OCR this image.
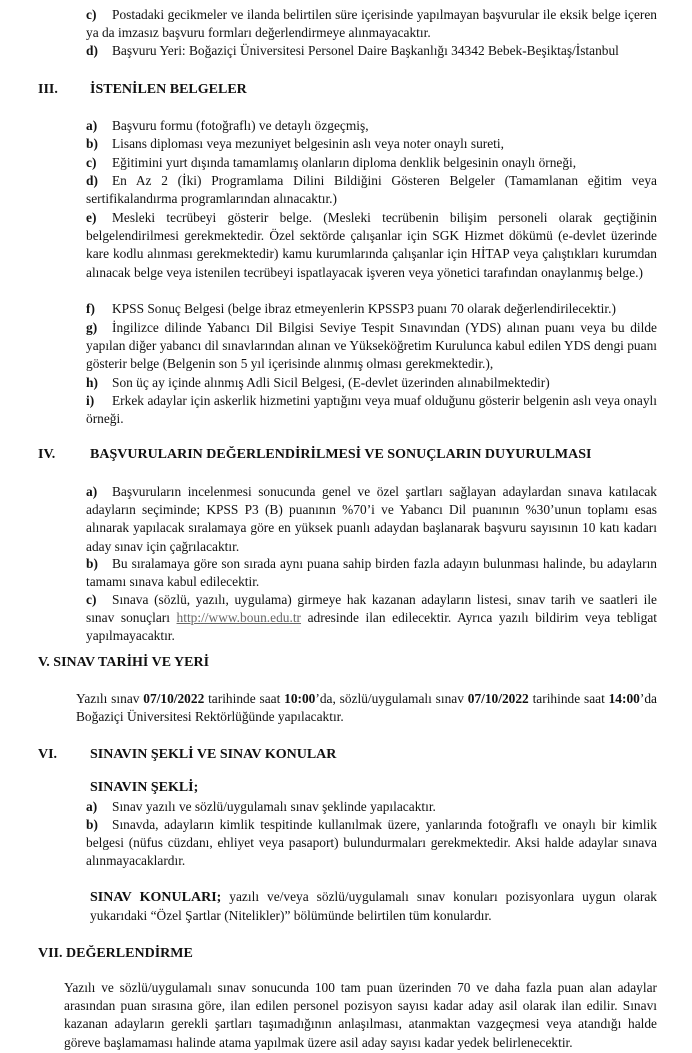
c) Postadaki gecikmeler ve ilanda belirtilen süre içerisinde yapılmayan başvurular ile eksik belge içeren ya da imzasız başvuru formları değerlendirmeye alınmayacaktır.
d) Başvuru Yeri: Boğaziçi Üniversitesi Personel Daire Başkanlığı 34342 Bebek-Beşiktaş/İstanbul
III. İSTENİLEN BELGELER
a) Başvuru formu (fotoğraflı) ve detaylı özgeçmiş,
b) Lisans diploması veya mezuniyet belgesinin aslı veya noter onaylı sureti,
c) Eğitimini yurt dışında tamamlamış olanların diploma denklik belgesinin onaylı örneği,
d) En Az 2 (İki) Programlama Dilini Bildiğini Gösteren Belgeler (Tamamlanan eğitim veya sertifikalandırma programlarından alınacaktır.)
e) Mesleki tecrübeyi gösterir belge. (Mesleki tecrübenin bilişim personeli olarak geçtiğinin belgelendirilmesi gerekmektedir. Özel sektörde çalışanlar için SGK Hizmet dökümü (e-devlet üzerinde kare kodlu alınması gerekmektedir) kamu kurumlarında çalışanlar için HİTAP veya çalıştıkları kurumdan alınacak belge veya istenilen tecrübeyi ispatlayacak işveren veya yönetici tarafından onaylanmış belge.)
f) KPSS Sonuç Belgesi (belge ibraz etmeyenlerin KPSSP3 puanı 70 olarak değerlendirilecektir.)
g) İngilizce dilinde Yabancı Dil Bilgisi Seviye Tespit Sınavından (YDS) alınan puanı veya bu dilde yapılan diğer yabancı dil sınavlarından alınan ve Yükseköğretim Kurulunca kabul edilen YDS dengi puanı gösterir belge (Belgenin son 5 yıl içerisinde alınmış olması gerekmektedir.),
h) Son üç ay içinde alınmış Adli Sicil Belgesi, (E-devlet üzerinden alınabilmektedir)
i) Erkek adaylar için askerlik hizmetini yaptığını veya muaf olduğunu gösterir belgenin aslı veya onaylı örneği.
IV. BAŞVURULARIN DEĞERLENDİRİLMESİ VE SONUÇLARIN DUYURULMASI
a) Başvuruların incelenmesi sonucunda genel ve özel şartları sağlayan adaylardan sınava katılacak adayların seçiminde; KPSS P3 (B) puanının %70’i ve Yabancı Dil puanının %30’unun toplamı esas alınarak yapılacak sıralamaya göre en yüksek puanlı adaydan başlanarak başvuru sayısının 10 katı kadarı aday sınav için çağrılacaktır.
b) Bu sıralamaya göre son sırada aynı puana sahip birden fazla adayın bulunması halinde, bu adayların tamamı sınava kabul edilecektir.
c) Sınava (sözlü, yazılı, uygulama) girmeye hak kazanan adayların listesi, sınav tarih ve saatleri ile sınav sonuçları http://www.boun.edu.tr adresinde ilan edilecektir. Ayrıca yazılı bildirim veya tebligat yapılmayacaktır.
V. SINAV TARİHİ VE YERİ
Yazılı sınav 07/10/2022 tarihinde saat 10:00’da, sözlü/uygulamalı sınav 07/10/2022 tarihinde saat 14:00’da Boğaziçi Üniversitesi Rektörlüğünde yapılacaktır.
VI. SINAVIN ŞEKLİ VE SINAV KONULAR
SINAVIN ŞEKLİ;
a) Sınav yazılı ve sözlü/uygulamalı sınav şeklinde yapılacaktır.
b) Sınavda, adayların kimlik tespitinde kullanılmak üzere, yanlarında fotoğraflı ve onaylı bir kimlik belgesi (nüfus cüzdanı, ehliyet veya pasaport) bulundurmaları gerekmektedir. Aksi halde adaylar sınava alınmayacaklardır.
SINAV KONULARI; yazılı ve/veya sözlü/uygulamalı sınav konuları pozisyonlara uygun olarak yukarıdaki “Özel Şartlar (Nitelikler)” bölümünde belirtilen tüm konulardır.
VII. DEĞERLENDİRME
Yazılı ve sözlü/uygulamalı sınav sonucunda 100 tam puan üzerinden 70 ve daha fazla puan alan adaylar arasından puan sırasına göre, ilan edilen personel pozisyon sayısı kadar aday asil olarak ilan edilir. Sınavı kazanan adayların gerekli şartları taşımadığının anlaşılması, atanmaktan vazgeçmesi veya atandığı halde göreve başlamaması halinde atama yapılmak üzere asil aday sayısı kadar yedek belirlenecektir.
